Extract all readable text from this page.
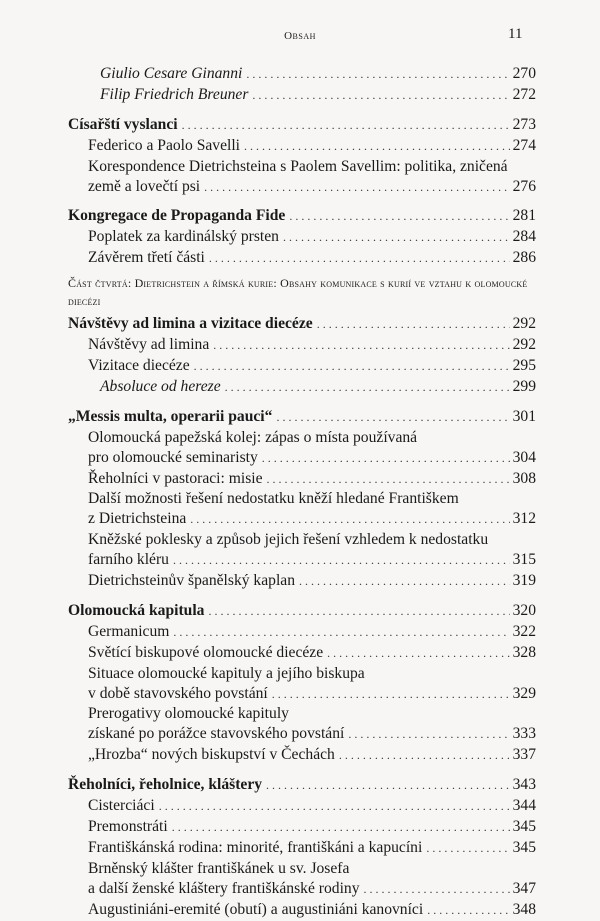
Obsah	11
Giulio Cesare Ginanni . . .	270
Filip Friedrich Breuner . . .	272
Císařští vyslanci . . .	273
Federico a Paolo Savelli . . .	274
Korespondence Dietrichsteina s Paolem Savellim: politika, zničená
země a lovečtí psi . . .	276
Kongregace de Propaganda Fide . . .	281
Poplatek za kardinálský prsten . . .	284
Závěrem třetí části . . .	286
Část čtvrtá: Dietrichstein a římská kurie: Obsahy komunikace s kurií ve vztahu k olomoucké diecézi
Návštěvy ad limina a vizitace diecéze . . .	292
Návštěvy ad limina . . .	292
Vizitace diecéze . . .	295
Absoluce od hereze . . .	299
„Messis multa, operarii pauci“ . . .	301
Olomoucká papežská kolej: zápas o místa používaná
pro olomoucké seminaristy . . .	304
Řeholníci v pastoraci: misie . . .	308
Další možnosti řešení nedostatku kněží hledané Františkem
z Dietrichsteina . . .	312
Kněžské poklesky a způsob jejich řešení vzhledem k nedostatku
farního kléru . . .	315
Dietrichsteinův španělský kaplan . . .	319
Olomoucká kapitula . . .	320
Germanicum . . .	322
Světící biskupové olomoucké diecéze . . .	328
Situace olomoucké kapituly a jejího biskupa
v době stavovského povstání . . .	329
Prerogativy olomoucké kapituly
získané po porážce stavovského povstání . . .	333
„Hrozba“ nových biskupství v Čechách . . .	337
Řeholníci, řeholnice, kláštery . . .	343
Cisterciáci . . .	344
Premonstráti . . .	345
Františkánská rodina: minorité, františkáni a kapucíni . . .	345
Brněnský klášter františkánek u sv. Josefa
a další ženské kláštery františkánské rodiny . . .	347
Augustiniáni-eremité (obutí) a augustiniáni kanovníci . . .	348
